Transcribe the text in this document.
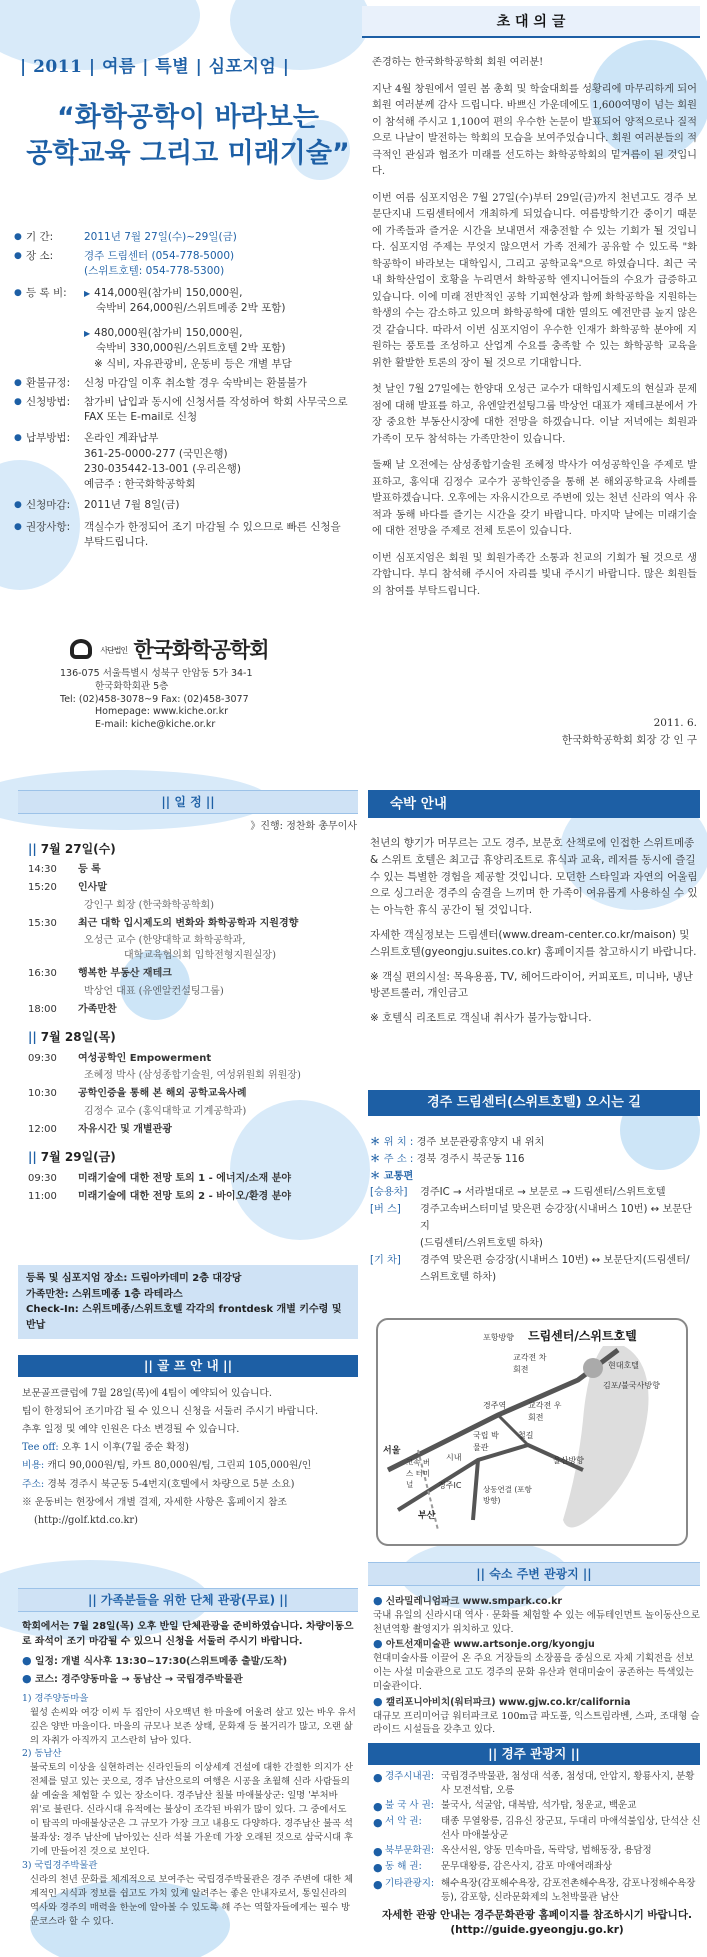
| 2011 | 여름 | 특별 | 심포지엄 |
“화학공학이 바라보는
공학교육 그리고 미래기술”
● 기 간:	2011년 7월 27일(수)~29일(금)
● 장 소:	경주 드림센터 (054-778-5000)
(스위트호텔: 054-778-5300)
● 등 록 비:	▶ 414,000원(참가비 150,000원,
숙박비 264,000원/스위트메종 2박 포함)

▶ 480,000원(참가비 150,000원,
숙박비 330,000원/스위트호텔 2박 포함)
※ 식비, 자유관광비, 운동비 등은 개별 부담
● 환불규정:	신청 마감일 이후 취소할 경우 숙박비는 환불불가
● 신청방법:	참가비 납입과 동시에 신청서를 작성하여 학회 사무국으로 FAX 또는 E-mail로 신청
● 납부방법:	온라인 계좌납부
361-25-0000-277 (국민은행)
230-035442-13-001 (우리은행)
예금주 : 한국화학공학회
● 신청마감:	2011년 7월 8일(금)
● 권장사항:	객실수가 한정되어 조기 마감될 수 있으므로 빠른 신청을 부탁드립니다.
사단법인 한국화학공학회
136-075 서울특별시 성북구 안암동 5가 34-1
한국화학회관 5층
Tel: (02)458-3078~9 Fax: (02)458-3077
Homepage: www.kiche.or.kr
E-mail: kiche@kiche.or.kr
초 대 의 글

존경하는 한국화학공학회 회원 여러분!

지난 4월 창원에서 열린 봄 총회 및 학술대회를 성황리에 마무리하게 되어 회원 여러분께 감사 드립니다. 바쁘신 가운데에도 1,600여명이 넘는 회원이 참석해 주시고 1,100여 편의 우수한 논문이 발표되어 양적으로나 질적으로 나날이 발전하는 학회의 모습을 보여주었습니다. 회원 여러분들의 적극적인 관심과 협조가 미래를 선도하는 화학공학회의 밑거름이 된 것입니다.

이번 여름 심포지엄은 7월 27일(수)부터 29일(금)까지 천년고도 경주 보문단지내 드림센터에서 개최하게 되었습니다. 여름방학기간 중이기 때문에 가족들과 즐거운 시간을 보내면서 재충전할 수 있는 기회가 될 것입니다. 심포지엄 주제는 무엇지 않으면서 가족 전체가 공유할 수 있도록 "화학공학이 바라보는 대학입시, 그리고 공학교육"으로 하였습니다. 최근 국내 화학산업이 호황을 누리면서 화학공학 엔지니어들의 수요가 급증하고 있습니다. 이에 미래 전반적인 공학 기피현상과 함께 화학공학을 지원하는 학생의 수는 감소하고 있으며 화학공학에 대한 열의도 예전만큼 높지 않은 것 같습니다. 따라서 이번 심포지엄이 우수한 인재가 화학공학 분야에 지원하는 풍토를 조성하고 산업계 수요를 충족할 수 있는 화학공학 교육을 위한 활발한 토론의 장이 될 것으로 기대합니다.

첫 날인 7월 27일에는 한양대 오성근 교수가 대학입시제도의 현실과 문제점에 대해 발표를 하고, 유엔알컨설팅그룹 박상언 대표가 재테크분에서 가장 중요한 부동산시장에 대한 전망을 하겠습니다. 이날 저녁에는 회원과 가족이 모두 참석하는 가족만찬이 있습니다.

둘째 날 오전에는 삼성종합기술원 조혜정 박사가 여성공학인을 주제로 발표하고, 홍익대 김정수 교수가 공학인증을 통해 본 해외공학교육 사례를 발표하겠습니다. 오후에는 자유시간으로 주변에 있는 천년 신라의 역사 유적과 동해 바다를 즐기는 시간을 갖기 바랍니다. 마지막 날에는 미래기술에 대한 전망을 주제로 전체 토론이 있습니다.

이번 심포지엄은 회원 및 회원가족간 소통과 친교의 기회가 될 것으로 생각합니다. 부디 참석해 주시어 자리를 빛내 주시기 바랍니다. 많은 회원들의 참여를 부탁드립니다.

2011. 6.
한국화학공학회 회장 강 인 구
|| 일 정 ||
》진행: 정찬화 총무이사
|| 7월 27일(수)
14:30	등 록
15:20	인사말
강인구 회장 (한국화학공학회)
15:30	최근 대학 입시제도의 변화와 화학공학과 지원경향
오성근 교수 (한양대학교 화학공학과,
대학교육협의회 입학전형지원실장)
16:30	행복한 부동산 재테크
박상언 대표 (유엔알컨설팅그룹)
18:00	가족만찬
|| 7월 28일(목)
09:30	여성공학인 Empowerment
조혜정 박사 (삼성종합기술원, 여성위원회 위원장)
10:30	공학인증을 통해 본 해외 공학교육사례
김정수 교수 (홍익대학교 기계공학과)
12:00	자유시간 및 개별관광
|| 7월 29일(금)
09:30	미래기술에 대한 전망 토의 1 - 에너지/소재 분야
11:00	미래기술에 대한 전망 토의 2 - 바이오/환경 분야
등록 및 심포지엄 장소: 드림아카데미 2층 대강당
가족만찬: 스위트메종 1층 라테라스
Check-In: 스위트메종/스위트호텔 각각의 frontdesk 개별 키수령 및 반납
|| 골 프 안 내 ||
보문골프클럽에 7월 28일(목)에 4팀이 예약되어 있습니다.
팀이 한정되어 조기마감 될 수 있으니 신청을 서둘러 주시기 바랍니다.
추후 일정 및 예약 인원은 다소 변경될 수 있습니다.
Tee off: 오후 1시 이후(7월 중순 확정)
비용: 캐디 90,000원/팀, 카트 80,000원/팀, 그린피 105,000원/인
주소: 경북 경주시 북군동 5-4번지(호텔에서 차량으로 5분 소요)
※ 운동비는 현장에서 개별 결제, 자세한 사항은 홈페이지 참조
(http://golf.ktd.co.kr)
|| 가족분들을 위한 단체 관광(무료) ||
학회에서는 7월 28일(목) 오후 반일 단체관광을 준비하였습니다. 차량이동으로 좌석이 조기 마감될 수 있으니 신청을 서둘러 주시기 바랍니다.
● 일정: 개별 식사후 13:30~17:30(스위트메종 출발/도착)
● 코스: 경주양동마을 → 동남산 → 국립경주박물관
1) 경주양동마을
월성 손씨와 여강 이씨 두 집안이 사오백년 한 마을에 어울려 살고 있는 바우 유서깊은 양반 마을이다. 마을의 규모나 보존 상태, 문화재 등 볼거리가 많고, 오랜 삶의 자취가 아직까지 고스란히 남아 있다.
2) 동남산
불국토의 이상을 실현하려는 신라인들의 이상세계 건설에 대한 간절한 의지가 산 전체를 덮고 있는 곳으로, 경주 남산으로의 여행은 시공을 초월해 신라 사람들의 삶 예술을 체험할 수 있는 장소이다. 경주남산 칠불 마애불상군: 일명 '부처바위'로 불린다. 신라시대 유적에는 불상이 조각된 바위가 많이 있다. 그 중에서도 이 탑곡의 마애불상군은 그 규모가 가장 크고 내용도 다양하다. 경주남산 불곡 석불좌상: 경주 남산에 남아있는 신라 석불 가운데 가장 오래된 것으로 삼국시대 후기에 만들어진 것으로 보인다.
3) 국립경주박물관
신라의 천년 문화를 체계적으로 보여주는 국립경주박물관은 경주 주변에 대한 체계적인 지식과 정보를 쉽고도 가치 있게 알려주는 좋은 안내자로서, 통일신라의 역사와 경주의 매력을 한눈에 알아볼 수 있도록 해 주는 역할자들에게는 필수 방문코스라 할 수 있다.
숙박 안내

천년의 향기가 머무르는 고도 경주, 보문호 산책로에 인접한 스위트메종 & 스위트 호텔은 최고급 휴양리조트로 휴식과 교육, 레저를 동시에 즐길 수 있는 특별한 경험을 제공할 것입니다. 모던한 스타일과 자연의 어울림으로 싱그러운 경주의 숨결을 느끼며 한 가족이 여유롭게 사용하실 수 있는 아늑한 휴식 공간이 될 것입니다.

자세한 객실정보는 드림센터(www.dream-center.co.kr/maison) 및 스위트호텔(gyeongju.suites.co.kr) 홈페이지를 참고하시기 바랍니다.

※ 객실 편의시설: 목욕용품, TV, 헤어드라이어, 커피포트, 미니바, 냉난방콘트롤러, 개인금고

※ 호텔식 리조트로 객실내 취사가 불가능합니다.

경주 드림센터(스위트호텔) 오시는 길
＊ 위 치 : 경주 보문관광휴양지 내 위치
＊ 주 소 : 경북 경주시 북군동 116
＊ 교통편
[승용차]	경주IC → 서라벌대로 → 보문로 → 드림센터/스위트호텔
[버 스]	경주고속버스터미널 맞은편 승강장(시내버스 10번) ↔ 보문단지
(드림센터/스위트호텔 하차)
[기 차]	경주역 맞은편 승강장(시내버스 10번) ↔ 보문단지(드림센터/
스위트호텔 하차)
드림센터/스위트호텔
포항방향
교각전 차회전	현대호텔
김포/불국사방향
경주역	교각전 우회전
서울
고속 버스 터미널
시내
국립 박물관
철길
경주IC
울산방향
상동연결 (포항방향)
부산
|| 숙소 주변 관광지 ||
● 신라밀레니엄파크 www.smpark.co.kr
국내 유일의 신라시대 역사 · 문화를 체험할 수 있는 에듀테인먼트 놀이동산으로 천년역황 촬영지가 위치하고 있다.
● 아트선재미술관 www.artsonje.org/kyongju
현대미술사를 이끌어 온 주요 거장들의 소장품을 중심으로 자체 기획전을 선보이는 사설 미술관으로 고도 경주의 문화 유산과 현대미술이 공존하는 특색있는 미술관이다.
● 캘리포니아비치(워터파크) www.gjw.co.kr/california
대규모 프리미어급 워터파크로 100m급 파도풀, 익스트림라벤, 스파, 조대형 슬라이드 시설들을 갖추고 있다.
|| 경주 관광지 ||
● 경주시내권: 국립경주박물관, 첨성대 석종, 첨성대, 안압지, 황룡사지, 분황사 모전석탑, 오릉
● 불 국 사 권: 불국사, 석굴암, 대복밥, 석가탑, 청운교, 백운교
● 서 악 권:	태종 무열왕릉, 김유신 장군묘, 두대리 마애석불입상, 단석산 신선사 마애불상군
● 북부문화권: 옥산서원, 양동 민속마을, 독락당, 법해동장, 용담정
● 동 해 권:	문무대왕릉, 감은사지, 감포 마애여래좌상
● 기타관광지: 해수욕장(감포해수욕장, 감포전촌해수욕장, 감포나정해수욕장 등), 감포항, 신라문화제의 노천박물관 남산
자세한 관광 안내는 경주문화관광 홈페이지를 참조하시기 바랍니다.
(http://guide.gyeongju.go.kr)
